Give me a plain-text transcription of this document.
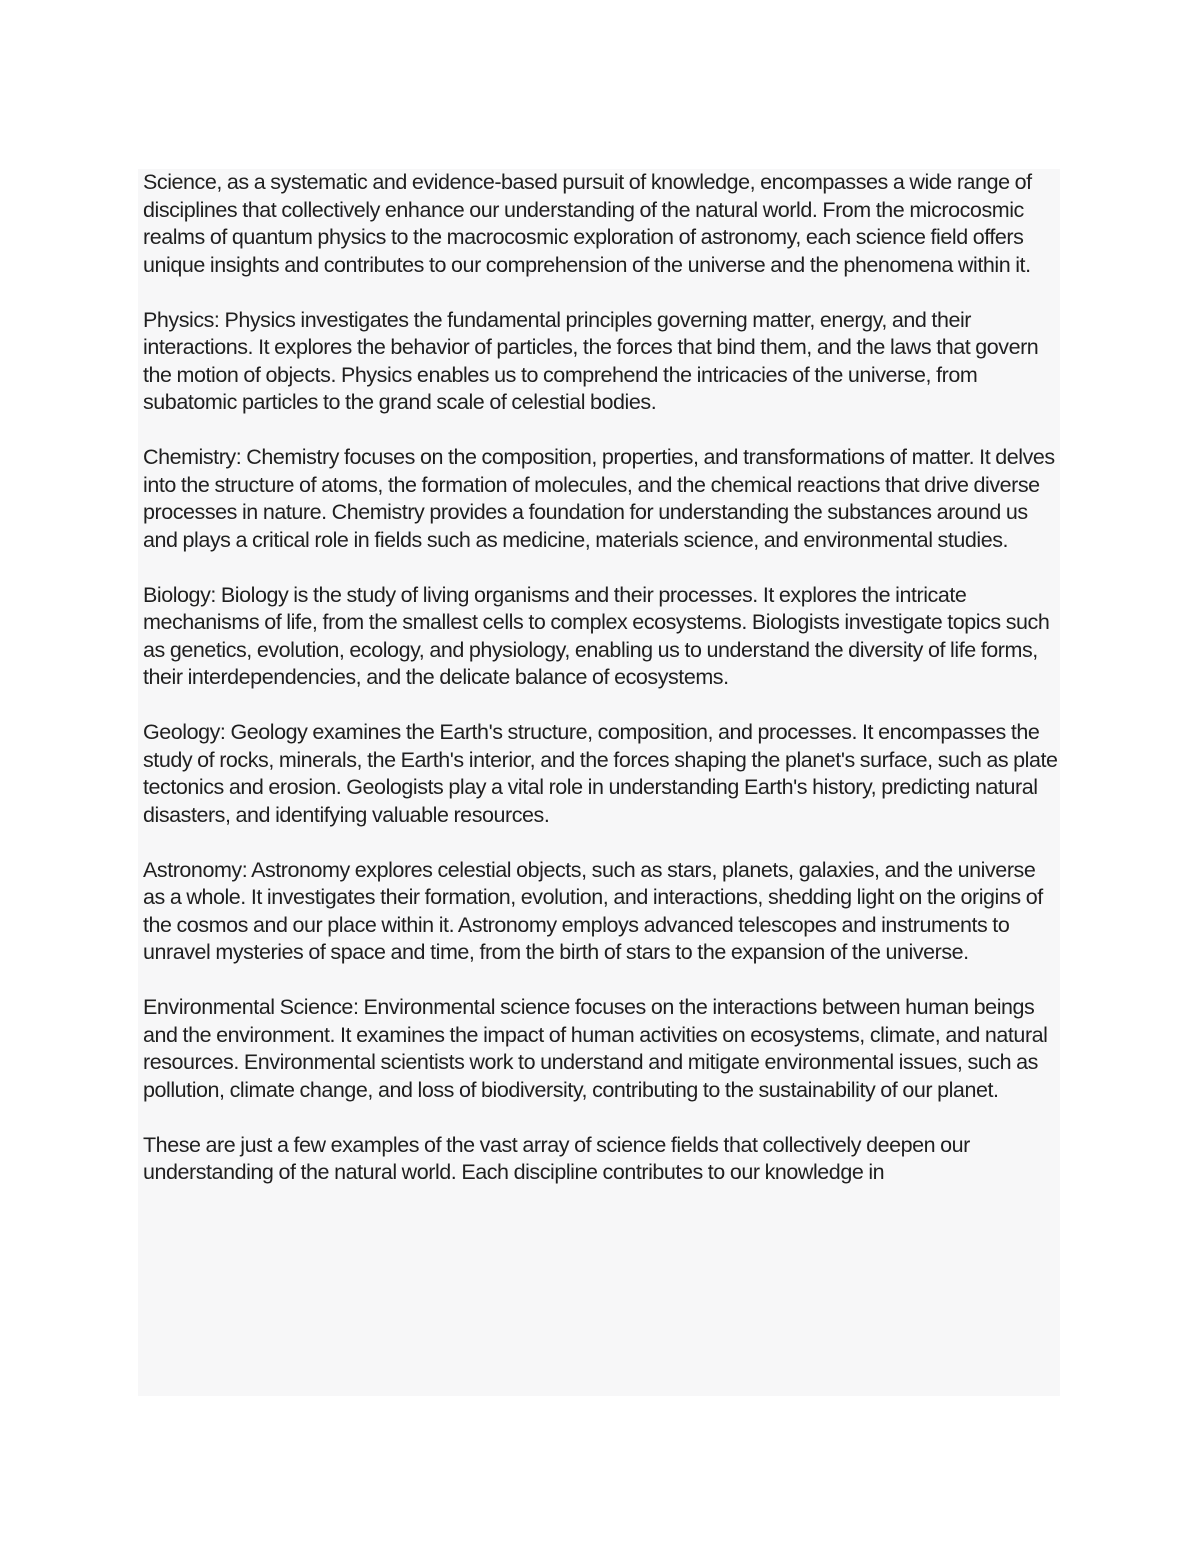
Science, as a systematic and evidence-based pursuit of knowledge, encompasses a wide range of disciplines that collectively enhance our understanding of the natural world. From the microcosmic realms of quantum physics to the macrocosmic exploration of astronomy, each science field offers unique insights and contributes to our comprehension of the universe and the phenomena within it.

Physics: Physics investigates the fundamental principles governing matter, energy, and their interactions. It explores the behavior of particles, the forces that bind them, and the laws that govern the motion of objects. Physics enables us to comprehend the intricacies of the universe, from subatomic particles to the grand scale of celestial bodies.

Chemistry: Chemistry focuses on the composition, properties, and transformations of matter. It delves into the structure of atoms, the formation of molecules, and the chemical reactions that drive diverse processes in nature. Chemistry provides a foundation for understanding the substances around us and plays a critical role in fields such as medicine, materials science, and environmental studies.

Biology: Biology is the study of living organisms and their processes. It explores the intricate mechanisms of life, from the smallest cells to complex ecosystems. Biologists investigate topics such as genetics, evolution, ecology, and physiology, enabling us to understand the diversity of life forms, their interdependencies, and the delicate balance of ecosystems.

Geology: Geology examines the Earth's structure, composition, and processes. It encompasses the study of rocks, minerals, the Earth's interior, and the forces shaping the planet's surface, such as plate tectonics and erosion. Geologists play a vital role in understanding Earth's history, predicting natural disasters, and identifying valuable resources.

Astronomy: Astronomy explores celestial objects, such as stars, planets, galaxies, and the universe as a whole. It investigates their formation, evolution, and interactions, shedding light on the origins of the cosmos and our place within it. Astronomy employs advanced telescopes and instruments to unravel mysteries of space and time, from the birth of stars to the expansion of the universe.

Environmental Science: Environmental science focuses on the interactions between human beings and the environment. It examines the impact of human activities on ecosystems, climate, and natural resources. Environmental scientists work to understand and mitigate environmental issues, such as pollution, climate change, and loss of biodiversity, contributing to the sustainability of our planet.

These are just a few examples of the vast array of science fields that collectively deepen our understanding of the natural world. Each discipline contributes to our knowledge in
